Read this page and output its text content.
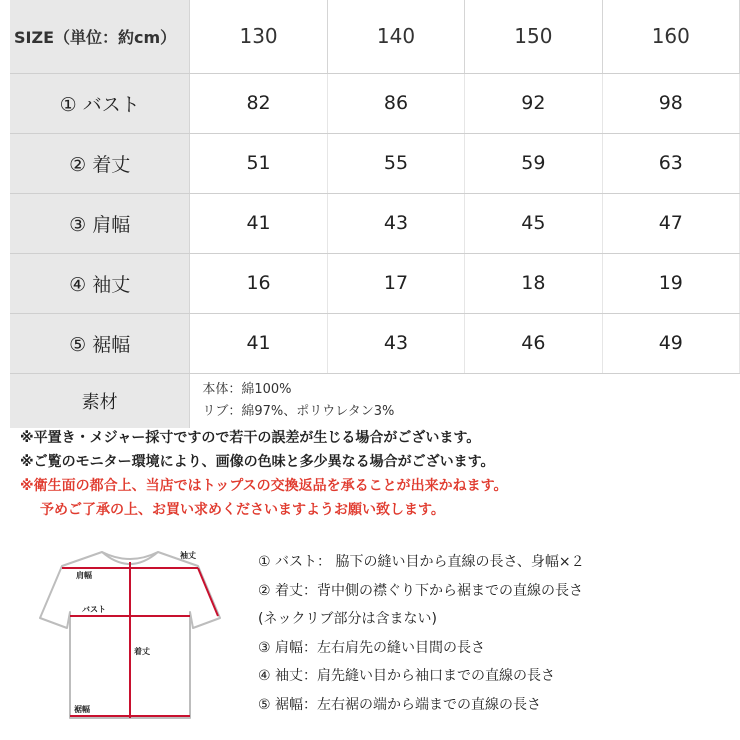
SIZE（単位：約cm）	130	140	150	160
① バスト	82	86	92	98
② 着丈	51	55	59	63
③ 肩幅	41	43	45	47
④ 袖丈	16	17	18	19
⑤ 裾幅	41	43	46	49
素材	本体：綿100%
リブ：綿97%、ポリウレタン3%			
※平置き・メジャー採寸ですので若干の誤差が生じる場合がございます。
※ご覧のモニター環境により、画像の色味と多少異なる場合がございます。
※衛生面の都合上、当店ではトップスの交換返品を承ることが出来かねます。
予めご了承の上、お買い求めくださいますようお願い致します。
袖丈
肩幅
バスト
着丈
裾幅
① バスト： 脇下の縫い目から直線の長さ、身幅×２
② 着丈：背中側の襟ぐり下から裾までの直線の長さ
(ネックリブ部分は含まない)
③ 肩幅：左右肩先の縫い目間の長さ
④ 袖丈：肩先縫い目から袖口までの直線の長さ
⑤ 裾幅：左右裾の端から端までの直線の長さ
